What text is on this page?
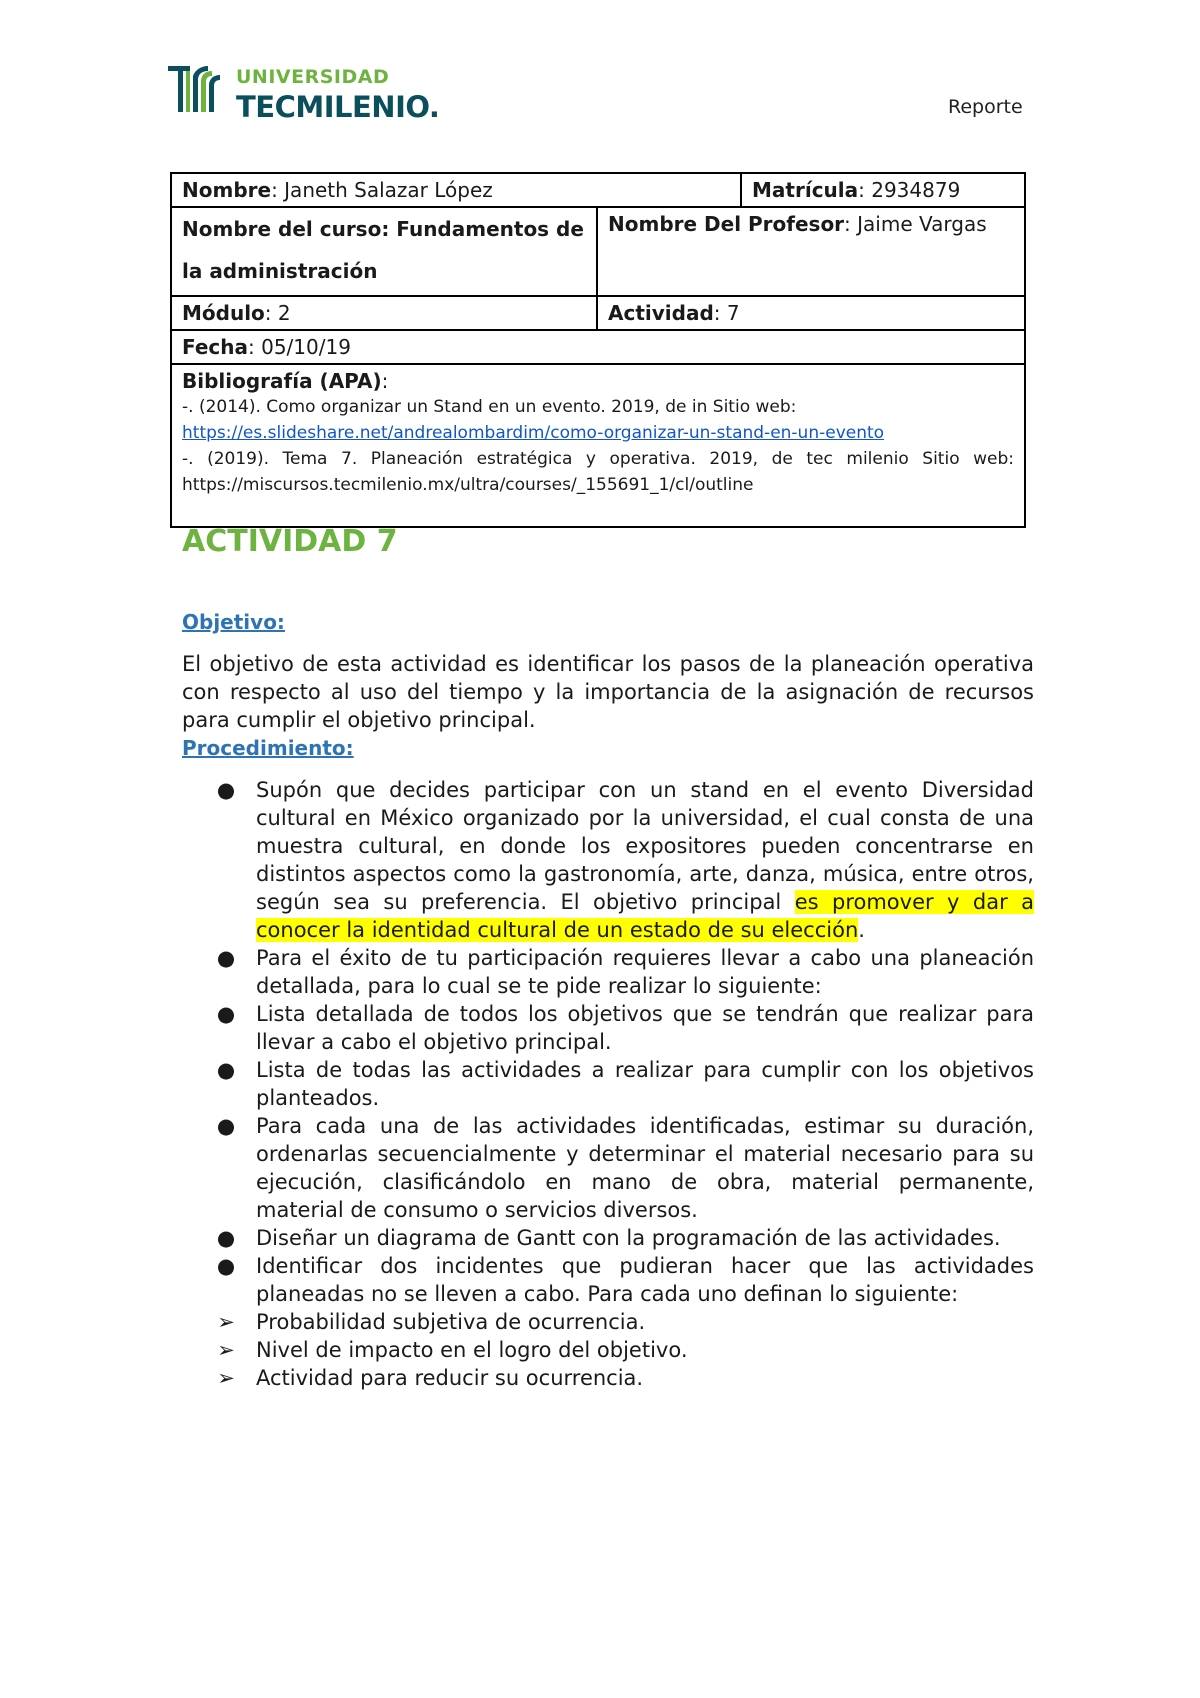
UNIVERSIDAD
TECMILENIO.	Reporte
Nombre: Janeth Salazar López		Matrícula: 2934879
Nombre del curso: Fundamentos de la administración	Nombre Del Profesor: Jaime Vargas	
Módulo: 2	Actividad: 7	
Fecha: 05/10/19		

Bibliografía (APA):
-. (2014). Como organizar un Stand en un evento. 2019, de in Sitio web:
https://es.slideshare.net/andrealombardim/como-organizar-un-stand-en-un-evento
-. (2019). Tema 7. Planeación estratégica y operativa. 2019, de tec milenio Sitio web: https://miscursos.tecmilenio.mx/ultra/courses/_155691_1/cl/outline		
ACTIVIDAD 7
Objetivo:
El objetivo de esta actividad es identificar los pasos de la planeación operativa con respecto al uso del tiempo y la importancia de la asignación de recursos para cumplir el objetivo principal.
Procedimiento:
● Supón que decides participar con un stand en el evento Diversidad cultural en México organizado por la universidad, el cual consta de una muestra cultural, en donde los expositores pueden concentrarse en distintos aspectos como la gastronomía, arte, danza, música, entre otros, según sea su preferencia. El objetivo principal es promover y dar a conocer la identidad cultural de un estado de su elección.
● Para el éxito de tu participación requieres llevar a cabo una planeación detallada, para lo cual se te pide realizar lo siguiente:
● Lista detallada de todos los objetivos que se tendrán que realizar para llevar a cabo el objetivo principal.
● Lista de todas las actividades a realizar para cumplir con los objetivos planteados.
● Para cada una de las actividades identificadas, estimar su duración, ordenarlas secuencialmente y determinar el material necesario para su ejecución, clasificándolo en mano de obra, material permanente, material de consumo o servicios diversos.
● Diseñar un diagrama de Gantt con la programación de las actividades.
● Identificar dos incidentes que pudieran hacer que las actividades planeadas no se lleven a cabo. Para cada uno definan lo siguiente:
➢ Probabilidad subjetiva de ocurrencia.
➢ Nivel de impacto en el logro del objetivo.
➢ Actividad para reducir su ocurrencia.
